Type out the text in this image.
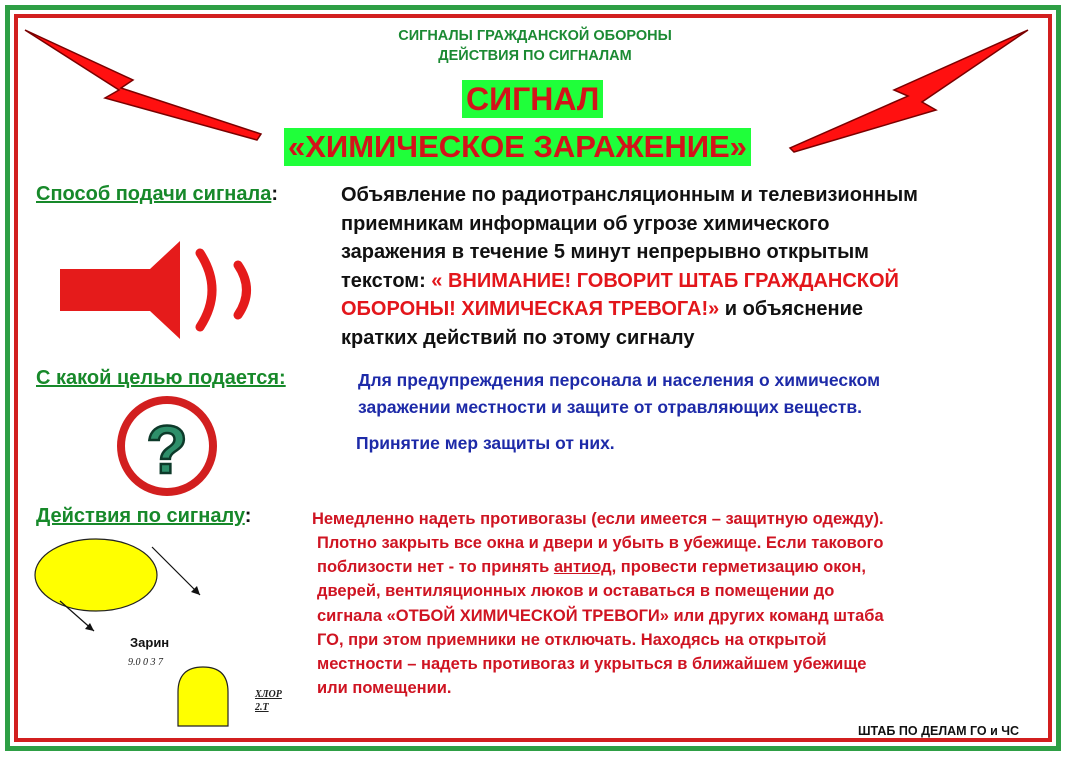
СИГНАЛЫ ГРАЖДАНСКОЙ ОБОРОНЫ
ДЕЙСТВИЯ ПО СИГНАЛАМ
СИГНАЛ
«ХИМИЧЕСКОЕ ЗАРАЖЕНИЕ»
Способ подачи сигнала:	Объявление по радиотрансляционным и телевизионным
приемникам информации об угрозе химического
заражения в течение 5 минут непрерывно открытым
текстом: « ВНИМАНИЕ! ГОВОРИТ ШТАБ ГРАЖДАНСКОЙ
ОБОРОНЫ! ХИМИЧЕСКАЯ ТРЕВОГА!» и объяснение
кратких действий по этому сигналу
С какой целью подается:	Для предупреждения персонала и населения о химическом
заражении местности и защите от отравляющих веществ.
Принятие мер защиты от них.
?
Действия по сигналу:	Немедленно надеть противогазы (если имеется – защитную одежду).
Плотно закрыть все окна и двери и убыть в убежище. Если такового
поблизости нет - то принять антиод, провести герметизацию окон,
дверей, вентиляционных люков и оставаться в помещении до
сигнала «ОТБОЙ ХИМИЧЕСКОЙ ТРЕВОГИ» или других команд штаба
ГО, при этом приемники не отключать. Находясь на открытой
местности – надеть противогаз и укрыться в ближайшем убежище
или помещении.
Зарин
9.0 0 3 7
ХЛОР
2.Т
ШТАБ ПО ДЕЛАМ ГО и ЧС
